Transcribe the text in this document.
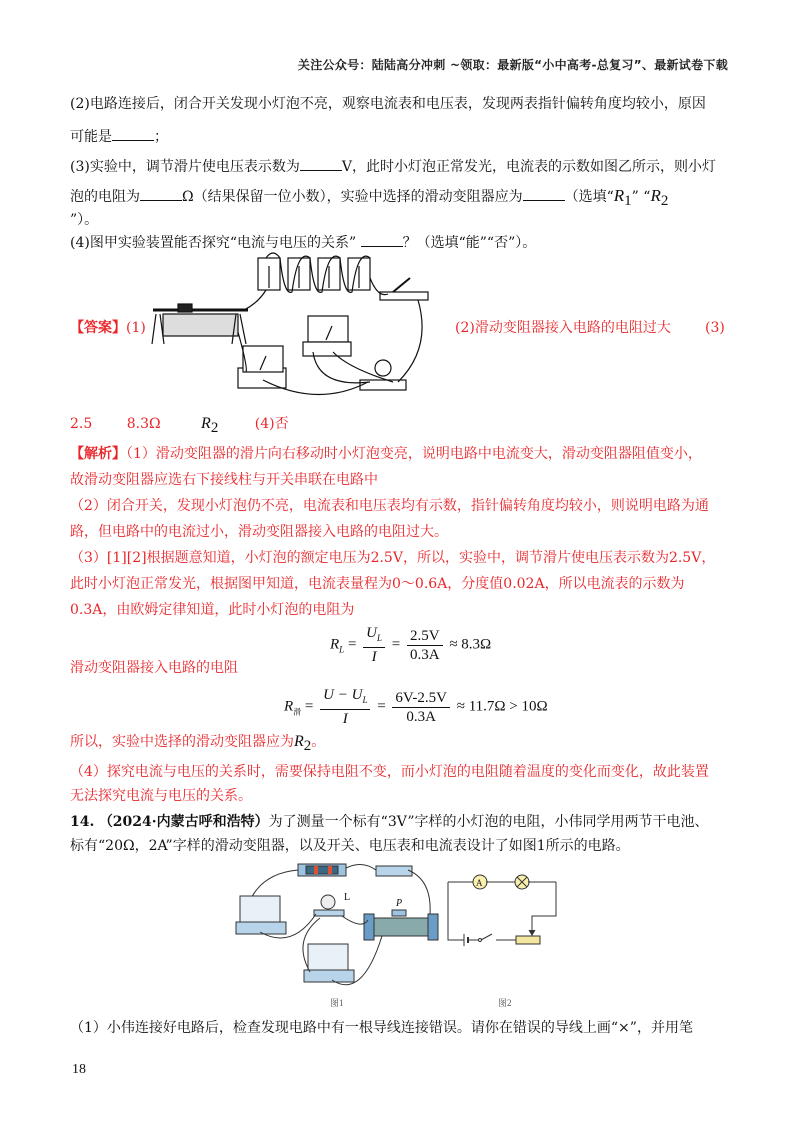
关注公众号：陆陆高分冲刺 ~领取：最新版“小中高考-总复习”、最新试卷下载
(2)电路连接后，闭合开关发现小灯泡不亮，观察电流表和电压表，发现两表指针偏转角度均较小，原因
可能是	；
(3)实验中，调节滑片使电压表示数为	V，此时小灯泡正常发光，电流表的示数如图乙所示，则小灯
泡的电阻为	Ω（结果保留一位小数），实验中选择的滑动变阻器应为	（选填“$R_1$” “$R_2$
”）。
(4)图甲实验装置能否探究“电流与电压的关系”	？（选填“能”“否”）。
【答案】(1)	(2)滑动变阻器接入电路的电阻过大 (3)
2.5 8.3Ω	$R_2$	(4)否
【解析】（1）滑动变阻器的滑片向右移动时小灯泡变亮，说明电路中电流变大，滑动变阻器阻值变小，
故滑动变阻器应选右下接线柱与开关串联在电路中
（2）闭合开关，发现小灯泡仍不亮，电流表和电压表均有示数，指针偏转角度均较小，则说明电路为通
路，但电路中的电流过小，滑动变阻器接入电路的电阻过大。
（3）[1][2]根据题意知道，小灯泡的额定电压为2.5V，所以，实验中，调节滑片使电压表示数为2.5V，
此时小灯泡正常发光，根据图甲知道，电流表量程为0～0.6A，分度值0.02A，所以电流表的示数为
0.3A，由欧姆定律知道，此时小灯泡的电阻为
$R_L = \frac{U_L}{I} = \frac{2.5V}{0.3A} \approx 8.3\Omega$
滑动变阻器接入电路的电阻
$R_滑 = \frac{U - U_L}{I} = \frac{6V-2.5V}{0.3A} \approx 11.7\Omega > 10\Omega$
所以，实验中选择的滑动变阻器应为$R_2$。
（4）探究电流与电压的关系时，需要保持电阻不变，而小灯泡的电阻随着温度的变化而变化，故此装置
无法探究电流与电压的关系。
14. （2024·内蒙古呼和浩特）为了测量一个标有“3V”字样的小灯泡的电阻，小伟同学用两节干电池、
标有“20Ω，2A”字样的滑动变阻器，以及开关、电压表和电流表设计了如图1所示的电路。
L
P
图1
A
图2
（1）小伟连接好电路后，检查发现电路中有一根导线连接错误。请你在错误的导线上画“×”，并用笔
18
